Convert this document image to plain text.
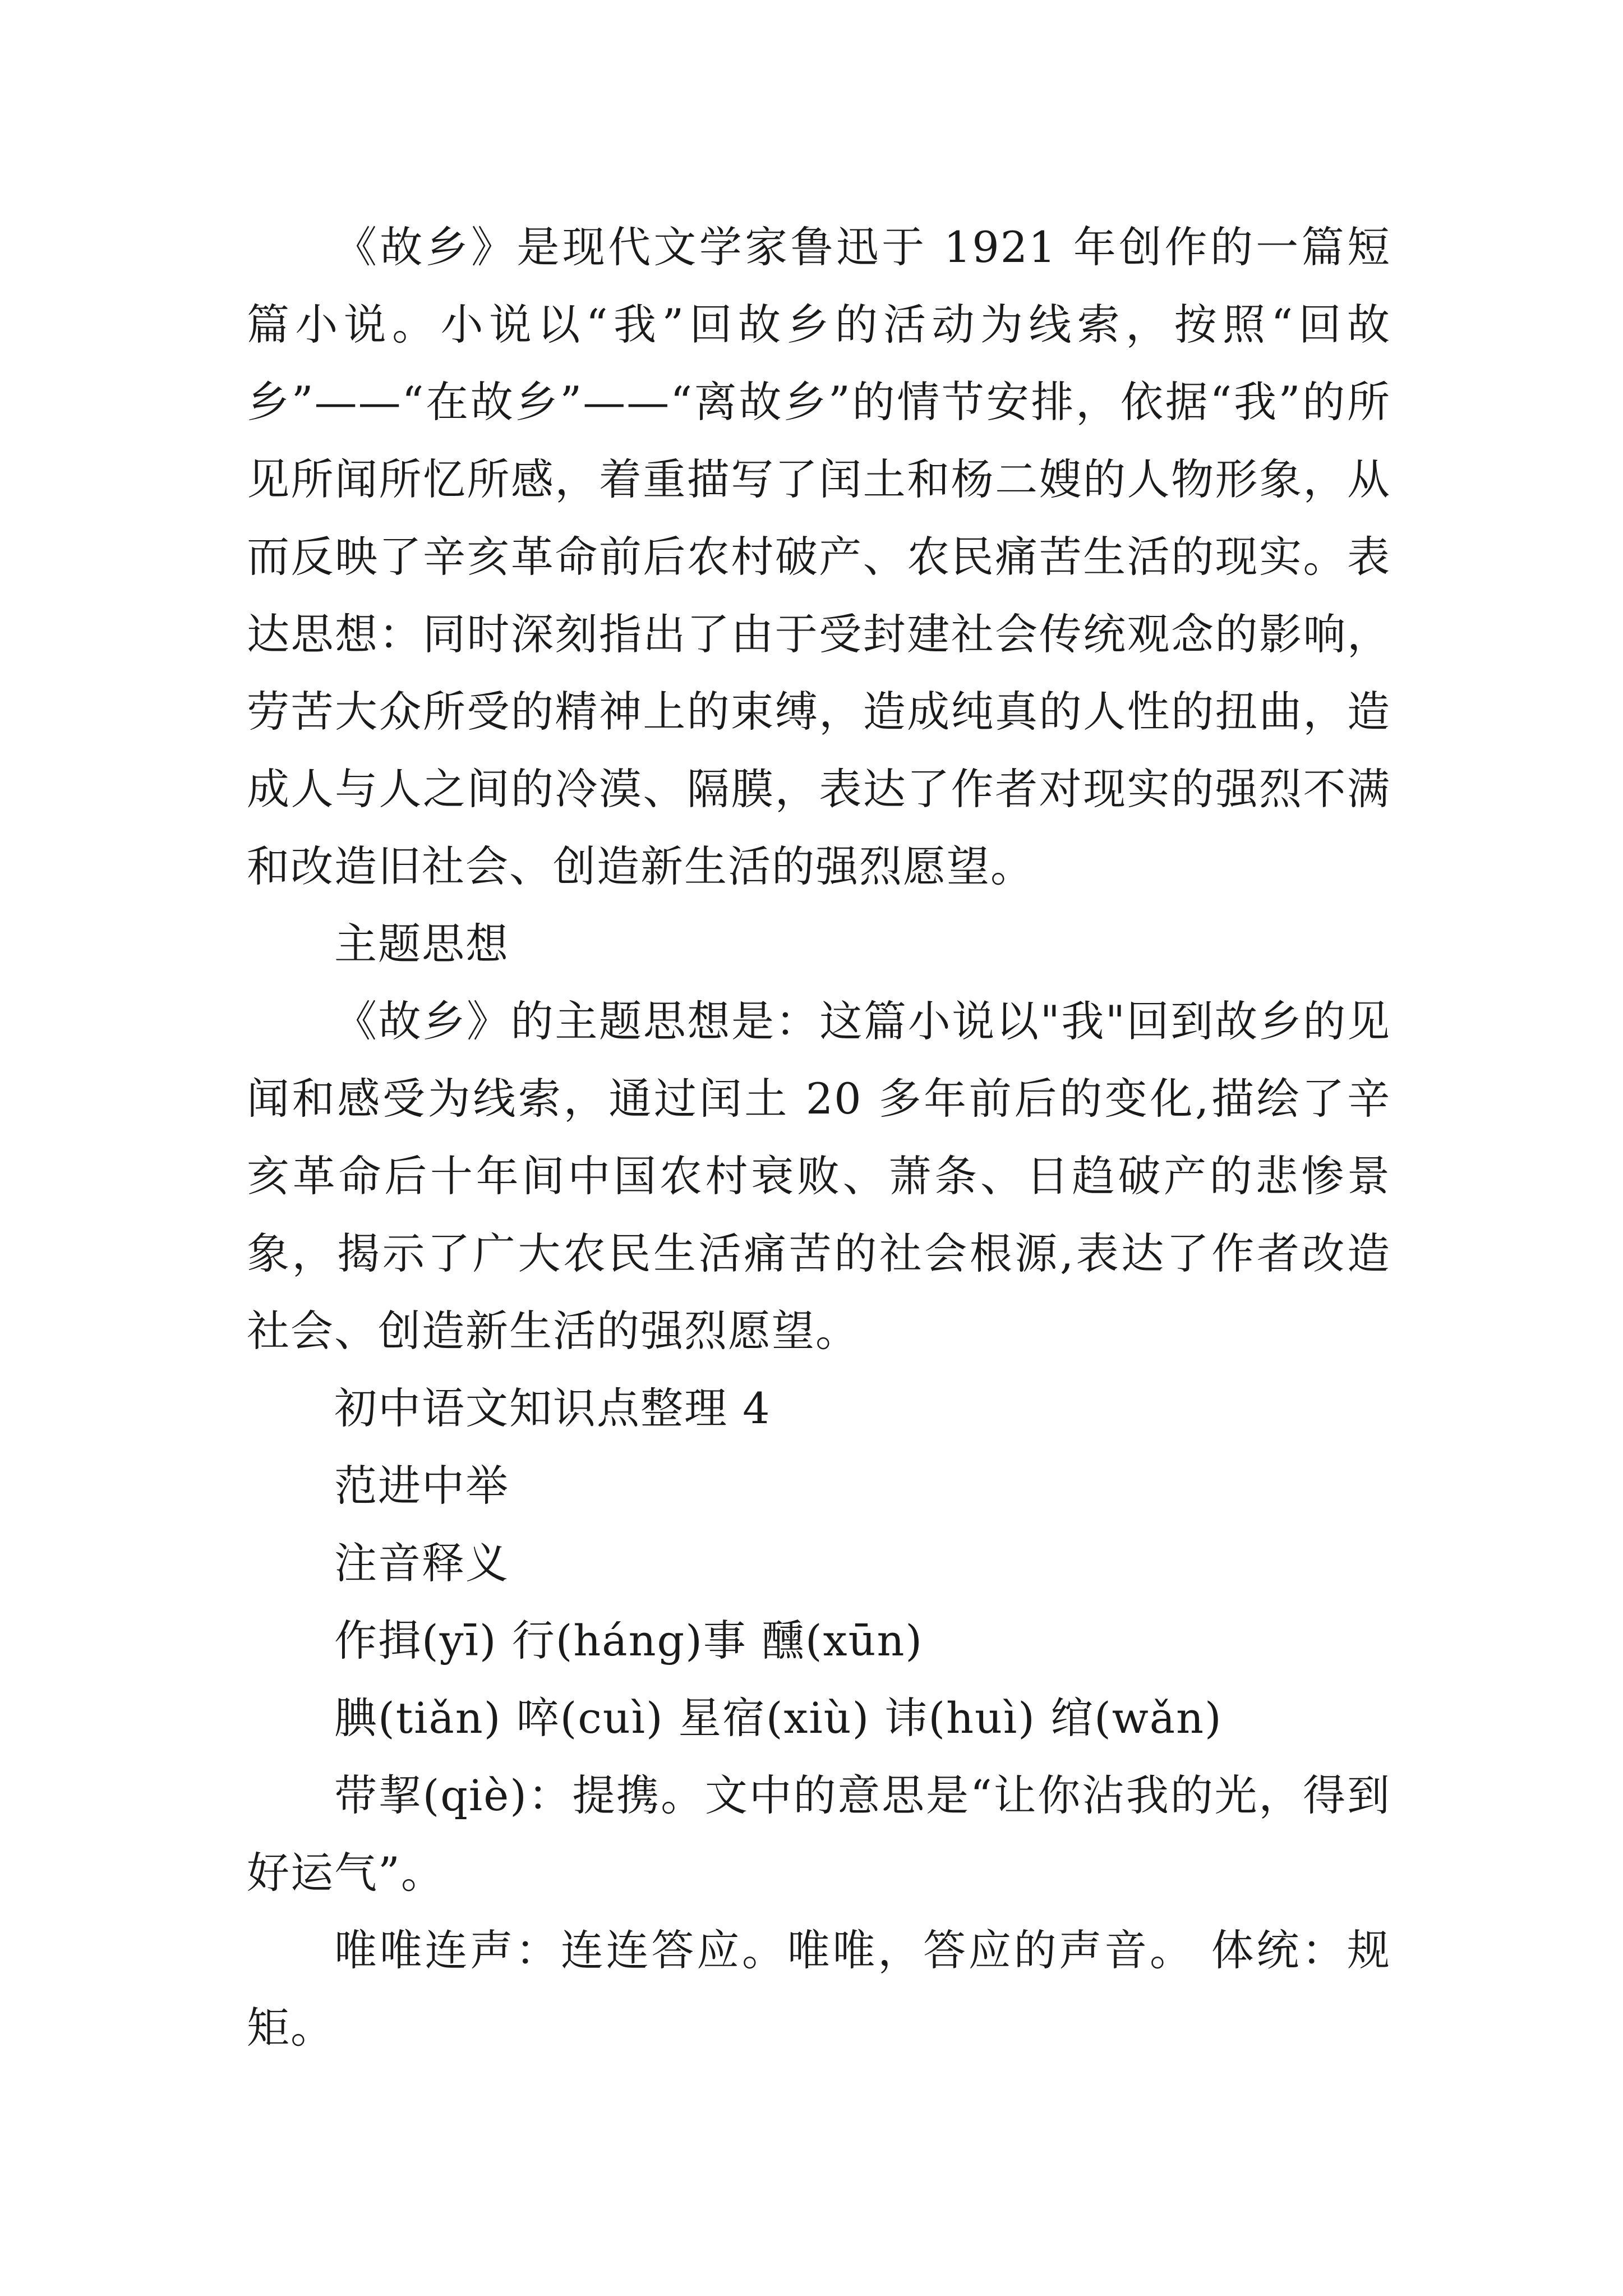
《故乡》是现代文学家鲁迅于 1921 年创作的一篇短篇小说。小说以“我”回故乡的活动为线索，按照“回故乡”——“在故乡”——“离故乡”的情节安排，依据“我”的所见所闻所忆所感，着重描写了闰土和杨二嫂的人物形象，从而反映了辛亥革命前后农村破产、农民痛苦生活的现实。表达思想：同时深刻指出了由于受封建社会传统观念的影响，劳苦大众所受的精神上的束缚，造成纯真的人性的扭曲，造成人与人之间的冷漠、隔膜，表达了作者对现实的强烈不满和改造旧社会、创造新生活的强烈愿望。

主题思想

《故乡》的主题思想是：这篇小说以"我"回到故乡的见闻和感受为线索，通过闰土 20 多年前后的变化,描绘了辛亥革命后十年间中国农村衰败、萧条、日趋破产的悲惨景象，揭示了广大农民生活痛苦的社会根源,表达了作者改造社会、创造新生活的强烈愿望。

初中语文知识点整理 4

范进中举

注音释义

作揖(yī) 行(háng)事 醺(xūn)

腆(tiǎn) 啐(cuì) 星宿(xiù) 讳(huì) 绾(wǎn)

带挈(qiè)：提携。文中的意思是“让你沾我的光，得到好运气”。

唯唯连声：连连答应。唯唯，答应的声音。 体统：规矩。
